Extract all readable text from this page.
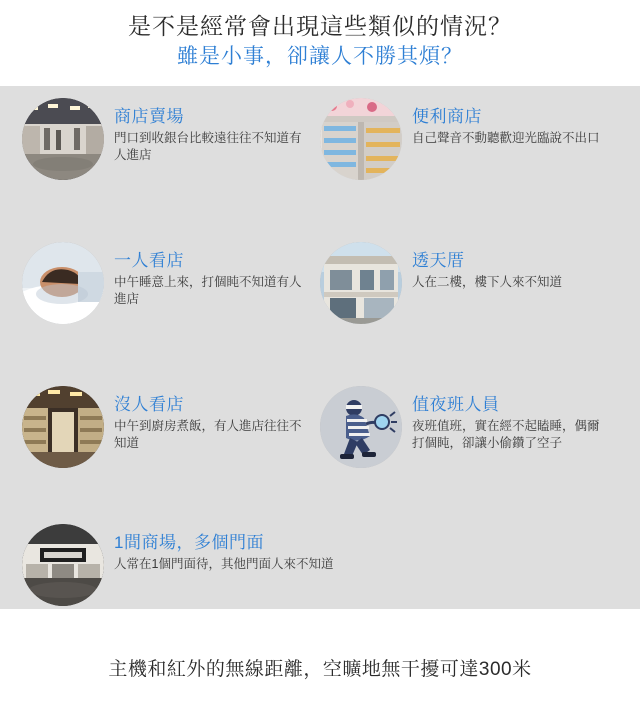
是不是經常會出現這些類似的情況？
雖是小事，卻讓人不勝其煩？
商店賣場
門口到收銀台比較遠往往不知道有人進店
便利商店
自己聲音不動聽歡迎光臨說不出口
一人看店
中午睡意上來，打個盹不知道有人進店
透天厝
人在二樓，樓下人來不知道
沒人看店
中午到廚房煮飯，有人進店往往不知道
值夜班人員
夜班值班，實在經不起瞌睡，偶爾打個盹，卻讓小偷鑽了空子
1間商場，多個門面
人常在1個門面待，其他門面人來不知道
主機和紅外的無線距離，空曠地無干擾可達300米
